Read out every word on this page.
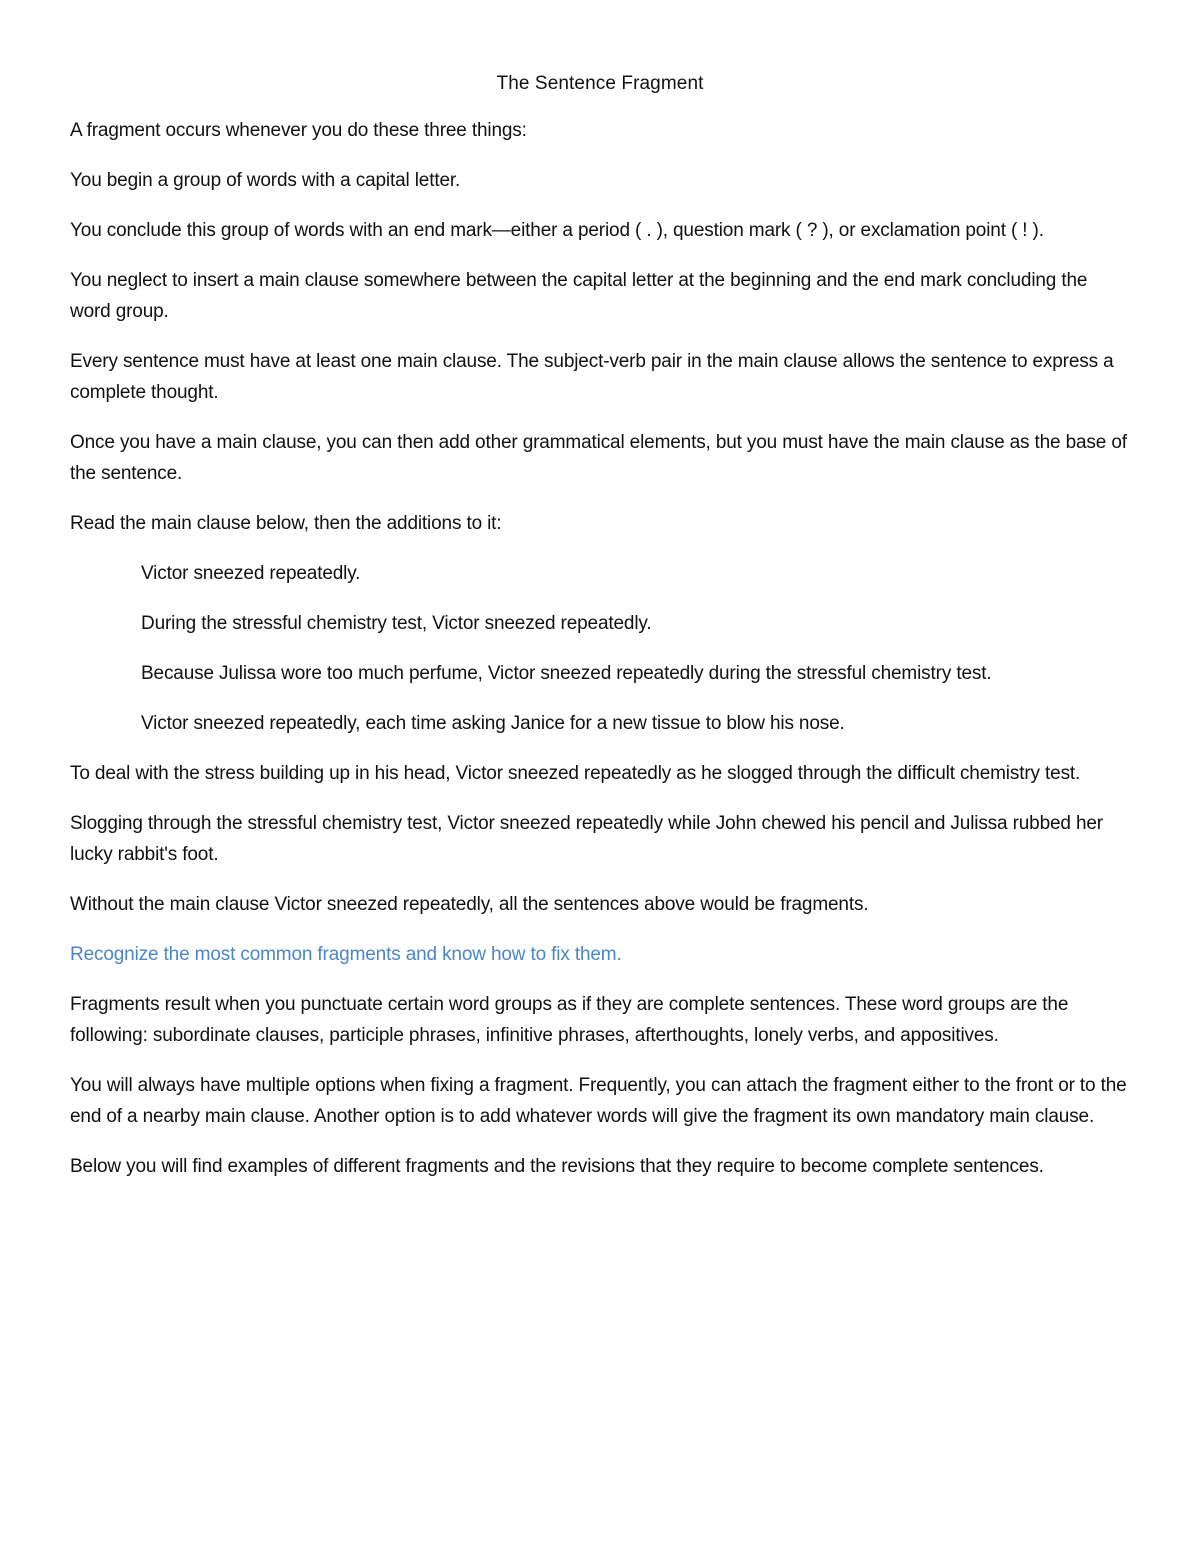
The Sentence Fragment

A fragment occurs whenever you do these three things:

You begin a group of words with a capital letter.

You conclude this group of words with an end mark—either a period ( . ), question mark ( ? ), or exclamation point ( ! ).

You neglect to insert a main clause somewhere between the capital letter at the beginning and the end mark concluding the word group.

Every sentence must have at least one main clause. The subject-verb pair in the main clause allows the sentence to express a complete thought.

Once you have a main clause, you can then add other grammatical elements, but you must have the main clause as the base of the sentence.

Read the main clause below, then the additions to it:

Victor sneezed repeatedly.

During the stressful chemistry test, Victor sneezed repeatedly.

Because Julissa wore too much perfume, Victor sneezed repeatedly during the stressful chemistry test.

Victor sneezed repeatedly, each time asking Janice for a new tissue to blow his nose.

To deal with the stress building up in his head, Victor sneezed repeatedly as he slogged through the difficult chemistry test.

Slogging through the stressful chemistry test, Victor sneezed repeatedly while John chewed his pencil and Julissa rubbed her lucky rabbit's foot.

Without the main clause Victor sneezed repeatedly, all the sentences above would be fragments.

Recognize the most common fragments and know how to fix them.

Fragments result when you punctuate certain word groups as if they are complete sentences. These word groups are the following: subordinate clauses, participle phrases, infinitive phrases, afterthoughts, lonely verbs, and appositives.

You will always have multiple options when fixing a fragment. Frequently, you can attach the fragment either to the front or to the end of a nearby main clause. Another option is to add whatever words will give the fragment its own mandatory main clause.

Below you will find examples of different fragments and the revisions that they require to become complete sentences.
